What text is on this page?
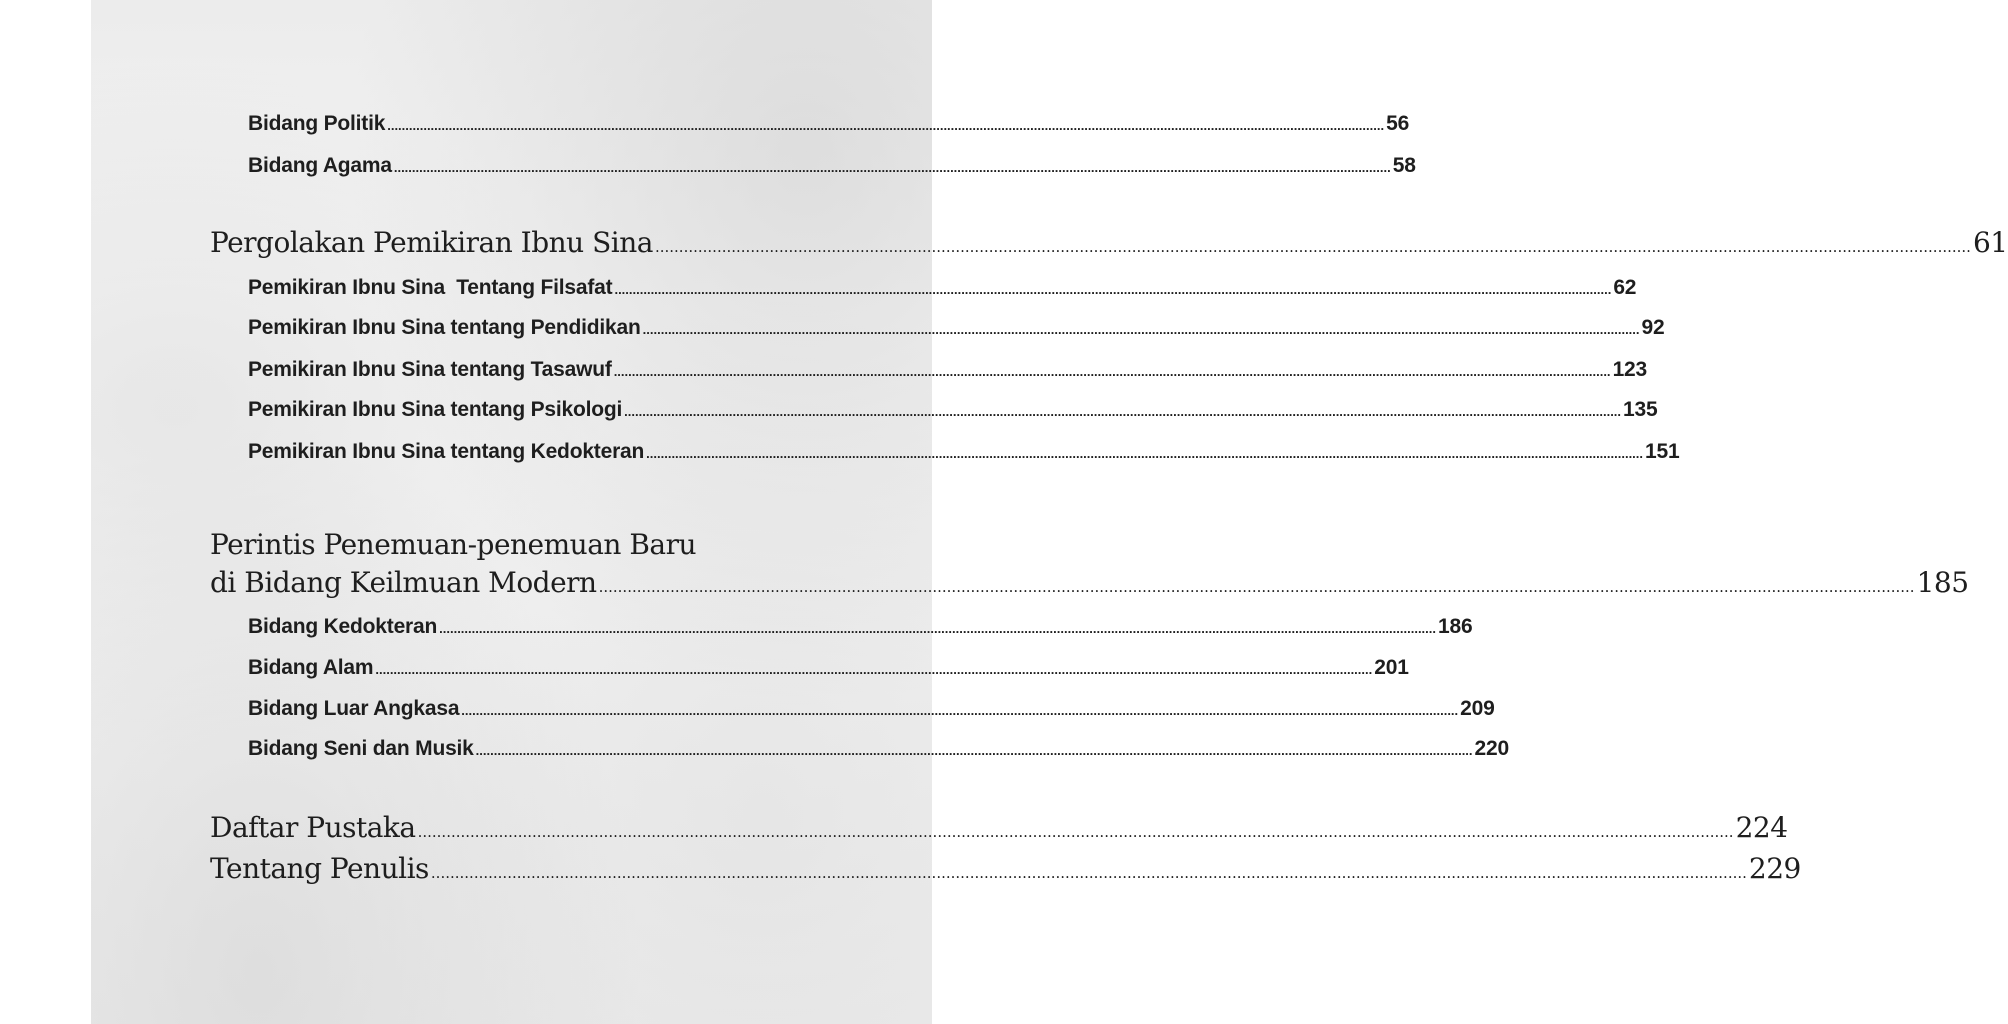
Bidang Politik .....	56
Bidang Agama .....	58
Pergolakan Pemikiran Ibnu Sina .....	61
Pemikiran Ibnu Sina  Tentang Filsafat .....	62
Pemikiran Ibnu Sina tentang Pendidikan .....	92
Pemikiran Ibnu Sina tentang Tasawuf .....	123
Pemikiran Ibnu Sina tentang Psikologi .....	135
Pemikiran Ibnu Sina tentang Kedokteran .....	151
Perintis Penemuan-penemuan Baru
di Bidang Keilmuan Modern .....	185
Bidang Kedokteran .....	186
Bidang Alam .....	201
Bidang Luar Angkasa .....	209
Bidang Seni dan Musik .....	220
Daftar Pustaka .....	224
Tentang Penulis .....	229
